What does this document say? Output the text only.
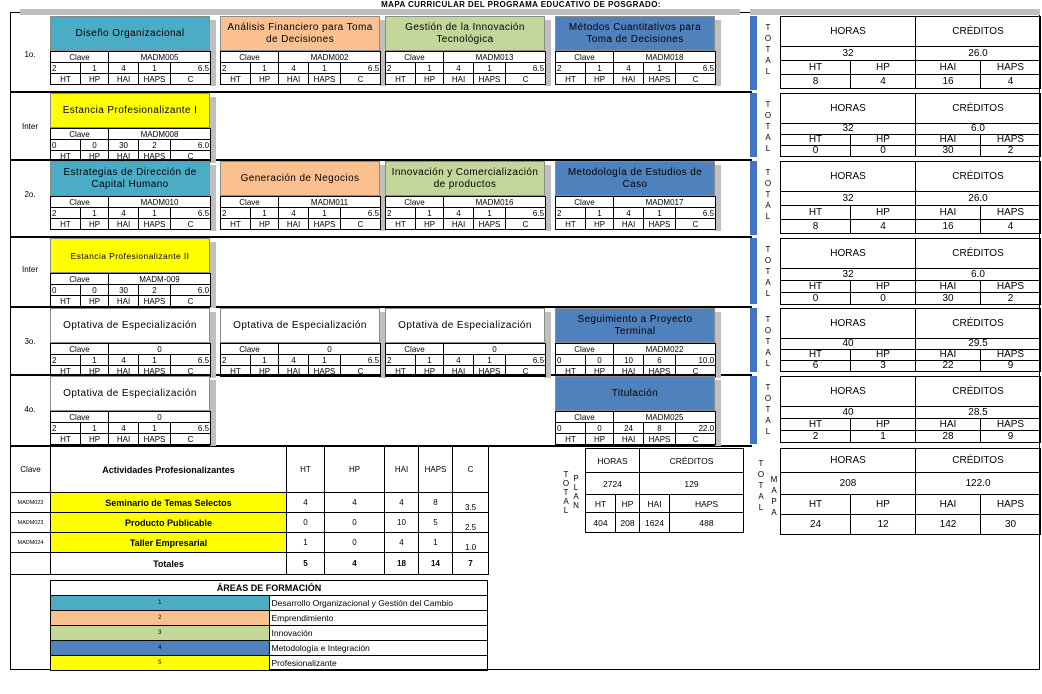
MAPA CURRICULAR DEL PROGRAMA EDUCATIVO DE POSGRADO:
1o.
Inter
2o.
Inter
3o.
4o.
Diseño Organizacional
Clave		MADM005		
2	1	4	1	6.5
HT	HP	HAI	HAPS	C
Análisis Financiero para Toma de Decisiones
Clave		MADM002		
2	1	4	1	6.5
HT	HP	HAI	HAPS	C
Gestión de la Innovación Tecnológica
Clave		MADM013		
2	1	4	1	6.5
HT	HP	HAI	HAPS	C
Métodos Cuantitativos para Toma de Decisiones
Clave		MADM018		
2	1	4	1	6.5
HT	HP	HAI	HAPS	C
Estancia Profesionalizante I
Clave		MADM008		
0	0	30	2	6.0
HT	HP	HAI	HAPS	C
Estrategias de Dirección de Capital Humano
Clave		MADM010		
2	1	4	1	6.5
HT	HP	HAI	HAPS	C
Generación de Negocios
Clave		MADM011		
2	1	4	1	6.5
HT	HP	HAI	HAPS	C
Innovación y Comercialización de productos
Clave		MADM016		
2	1	4	1	6.5
HT	HP	HAI	HAPS	C
Metodología de Estudios de Caso
Clave		MADM017		
2	1	4	1	6.5
HT	HP	HAI	HAPS	C
Estancia Profesionalizante II
Clave		MADM-009		
0	0	30	2	6.0
HT	HP	HAI	HAPS	C
Optativa de Especialización
Clave		0		
2	1	4	1	6.5
HT	HP	HAI	HAPS	C
Optativa de Especialización
Clave		0		
2	1	4	1	6.5
HT	HP	HAI	HAPS	C
Optativa de Especialización
Clave		0		
2	1	4	1	6.5
HT	HP	HAI	HAPS	C
Seguimiento a Proyecto Terminal
Clave		MADM022		
0	0	10	6	10.0
HT	HP	HAI	HAPS	C
Optativa de Especialización
Clave		0		
2	1	4	1	6.5
HT	HP	HAI	HAPS	C
Titulación
Clave		MADM025		
0	0	24	8	22.0
HT	HP	HAI	HAPS	C
T
O
T
A
L
HORAS		CRÉDITOS	
32		26.0	
HT	HP	HAI	HAPS
8	4	16	4
T
O
T
A
L
HORAS		CRÉDITOS	
32		6.0	
HT	HP	HAI	HAPS
0	0	30	2
T
O
T
A
L
HORAS		CRÉDITOS	
32		26.0	
HT	HP	HAI	HAPS
8	4	16	4
T
O
T
A
L
HORAS		CRÉDITOS	
32		6.0	
HT	HP	HAI	HAPS
0	0	30	2
T
O
T
A
L
HORAS		CRÉDITOS	
40		29.5	
HT	HP	HAI	HAPS
6	3	22	9
T
O
T
A
L
HORAS		CRÉDITOS	
40		28.5	
HT	HP	HAI	HAPS
2	1	28	9
Clave	Actividades Profesionalizantes	HT	HP	HAI	HAPS	C
MADM023	Seminario de Temas Selectos	4	4	4	8	3.5
MADM023	Producto Publicable	0	0	10	5	2.5
MADM024	Taller Empresarial	1	0	4	1	1.0
	Totales	5	4	18	14	7
ÁREAS DE FORMACIÓN	
1	Desarrollo Organizacional y Gestión del Cambio
2	Emprendimiento
3	Innovación
4	Metodología e Integración
5	Profesionalizante
T
O
T
A
L
P
L
A
N
HORAS		CRÉDITOS	
2724		129	
HT	HP	HAI	HAPS
404	208	1624	488
T
O
T
A
L
M
A
P
A
HORAS		CRÉDITOS	
208		122.0	
HT	HP	HAI	HAPS
24	12	142	30
